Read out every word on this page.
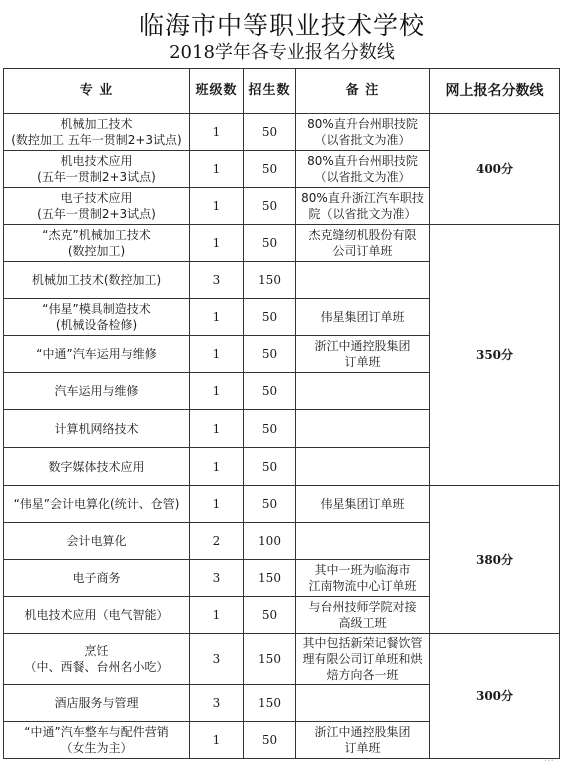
临海市中等职业技术学校
2018学年各专业报名分数线
专 业	班级数	招生数	备 注	网上报名分数线
机械加工技术
(数控加工 五年一贯制2+3试点)	1	50	80%直升台州职技院
（以省批文为准）	400分
机电技术应用
(五年一贯制2+3试点)	1	50	80%直升台州职技院
（以省批文为准）	
电子技术应用
(五年一贯制2+3试点)	1	50	80%直升浙江汽车职技
院（以省批文为准）	
“杰克”机械加工技术
(数控加工)	1	50	杰克缝纫机股份有限
公司订单班	350分
机械加工技术(数控加工)	3	150		
“伟星”模具制造技术
(机械设备检修)	1	50	伟星集团订单班	
“中通”汽车运用与维修	1	50	浙江中通控股集团
订单班	
汽车运用与维修	1	50		
计算机网络技术	1	50		
数字媒体技术应用	1	50		
“伟星”会计电算化(统计、仓管)	1	50	伟星集团订单班	380分
会计电算化	2	100		
电子商务	3	150	其中一班为临海市
江南物流中心订单班	
机电技术应用（电气智能）	1	50	与台州技师学院对接
高级工班	
烹饪
（中、西餐、台州名小吃）	3	150	其中包括新荣记餐饮管
理有限公司订单班和烘
焙方向各一班	300分
酒店服务与管理	3	150		
“中通”汽车整车与配件营销
（女生为主）	1	50	浙江中通控股集团
订单班	
···
